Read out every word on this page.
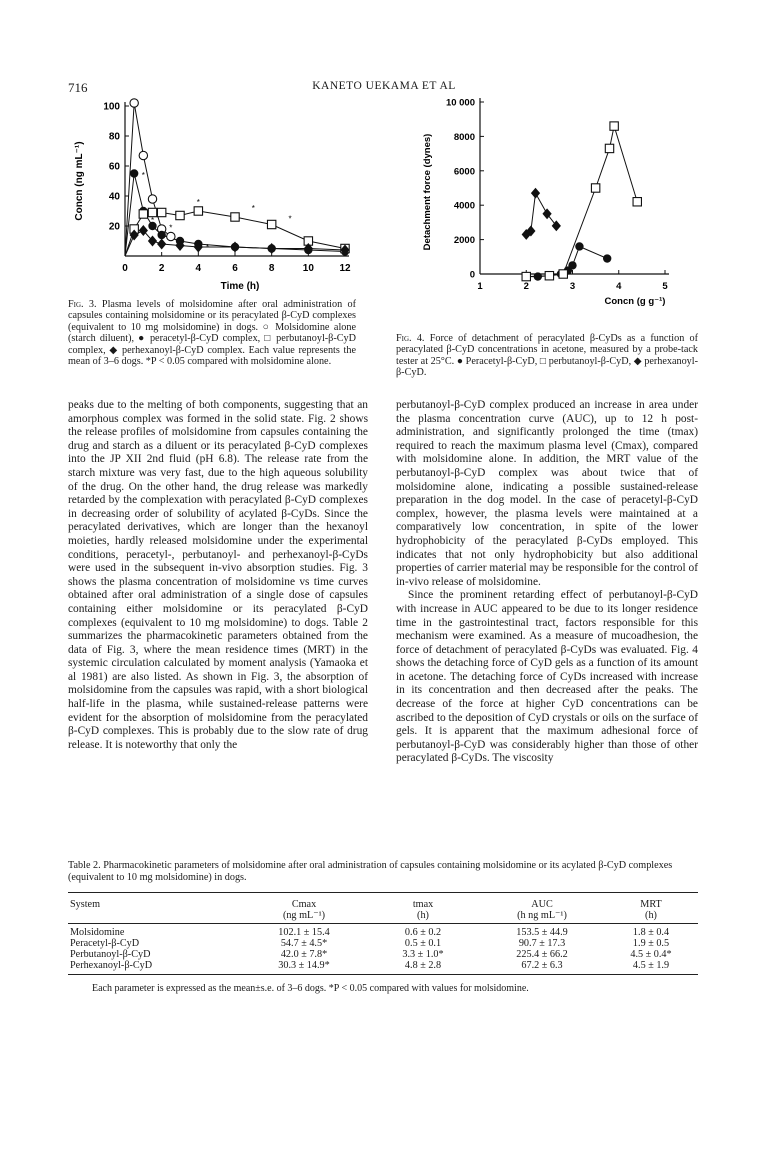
716	KANETO UEKAMA ET AL
0	2	4	6	8	10	12
20
40
60
80
100
*
*
*
*
*
*
*
Time (h)
Concn (ng mL⁻¹)
1	2	3	4	5
0
2000
4000
6000
8000
10 000
Concn (g g⁻¹)
Detachment force (dynes)
Fig. 3. Plasma levels of molsidomine after oral administration of capsules containing molsidomine or its peracylated β-CyD complexes (equivalent to 10 mg molsidomine) in dogs. ○ Molsidomine alone (starch diluent), ● peracetyl-β-CyD complex, □ perbutanoyl-β-CyD complex, ◆ perhexanoyl-β-CyD complex. Each value represents the mean of 3–6 dogs. *P < 0.05 compared with molsidomine alone.
Fig. 4. Force of detachment of peracylated β-CyDs as a function of peracylated β-CyD concentrations in acetone, measured by a probe-tack tester at 25°C. ● Peracetyl-β-CyD, □ perbutanoyl-β-CyD, ◆ perhexanoyl-β-CyD.

peaks due to the melting of both components, suggesting that an amorphous complex was formed in the solid state. Fig. 2 shows the release profiles of molsidomine from capsules containing the drug and starch as a diluent or its peracylated β-CyD complexes into the JP XII 2nd fluid (pH 6.8). The release rate from the starch mixture was very fast, due to the high aqueous solubility of the drug. On the other hand, the drug release was markedly retarded by the complexation with peracylated β-CyD complexes in decreasing order of solubility of acylated β-CyDs. Since the peracylated derivatives, which are longer than the hexanoyl moieties, hardly released molsidomine under the experimental conditions, peracetyl-, perbutanoyl- and perhexanoyl-β-CyDs were used in the subsequent in-vivo absorption studies. Fig. 3 shows the plasma concentration of molsidomine vs time curves obtained after oral administration of a single dose of capsules containing either molsidomine or its peracylated β-CyD complexes (equivalent to 10 mg molsidomine) to dogs. Table 2 summarizes the pharmacokinetic parameters obtained from the data of Fig. 3, where the mean residence times (MRT) in the systemic circulation calculated by moment analysis (Yamaoka et al 1981) are also listed. As shown in Fig. 3, the absorption of molsidomine from the capsules was rapid, with a short biological half-life in the plasma, while sustained-release patterns were evident for the absorption of molsidomine from the peracylated β-CyD complexes. This is probably due to the slow rate of drug release. It is noteworthy that only the

perbutanoyl-β-CyD complex produced an increase in area under the plasma concentration curve (AUC), up to 12 h post-administration, and significantly prolonged the time (tmax) required to reach the maximum plasma level (Cmax), compared with molsidomine alone. In addition, the MRT value of the perbutanoyl-β-CyD complex was about twice that of molsidomine alone, indicating a possible sustained-release preparation in the dog model. In the case of peracetyl-β-CyD complex, however, the plasma levels were maintained at a comparatively low concentration, in spite of the lower hydrophobicity of the peracylated β-CyDs employed. This indicates that not only hydrophobicity but also additional properties of carrier material may be responsible for the control of in-vivo release of molsidomine.

Since the prominent retarding effect of perbutanoyl-β-CyD with increase in AUC appeared to be due to its longer residence time in the gastrointestinal tract, factors responsible for this mechanism were examined. As a measure of mucoadhesion, the force of detachment of peracylated β-CyDs was evaluated. Fig. 4 shows the detaching force of CyD gels as a function of its amount in acetone. The detaching force of CyDs increased with increase in its concentration and then decreased after the peaks. The decrease of the force at higher CyD concentrations can be ascribed to the deposition of CyD crystals or oils on the surface of gels. It is apparent that the maximum adhesional force of perbutanoyl-β-CyD was considerably higher than those of other peracylated β-CyDs. The viscosity

Table 2. Pharmacokinetic parameters of molsidomine after oral administration of capsules containing molsidomine or its acylated β-CyD complexes (equivalent to 10 mg molsidomine) in dogs.
System	Cmax	tmax	AUC	MRT
	(ng mL⁻¹)	(h)	(h ng mL⁻¹)	(h)
Molsidomine	102.1 ± 15.4	0.6 ± 0.2	153.5 ± 44.9	1.8 ± 0.4
Peracetyl-β-CyD	54.7 ± 4.5*	0.5 ± 0.1	90.7 ± 17.3	1.9 ± 0.5
Perbutanoyl-β-CyD	42.0 ± 7.8*	3.3 ± 1.0*	225.4 ± 66.2	4.5 ± 0.4*
Perhexanoyl-β-CyD	30.3 ± 14.9*	4.8 ± 2.8	67.2 ± 6.3	4.5 ± 1.9
Each parameter is expressed as the mean±s.e. of 3–6 dogs. *P < 0.05 compared with values for molsidomine.
